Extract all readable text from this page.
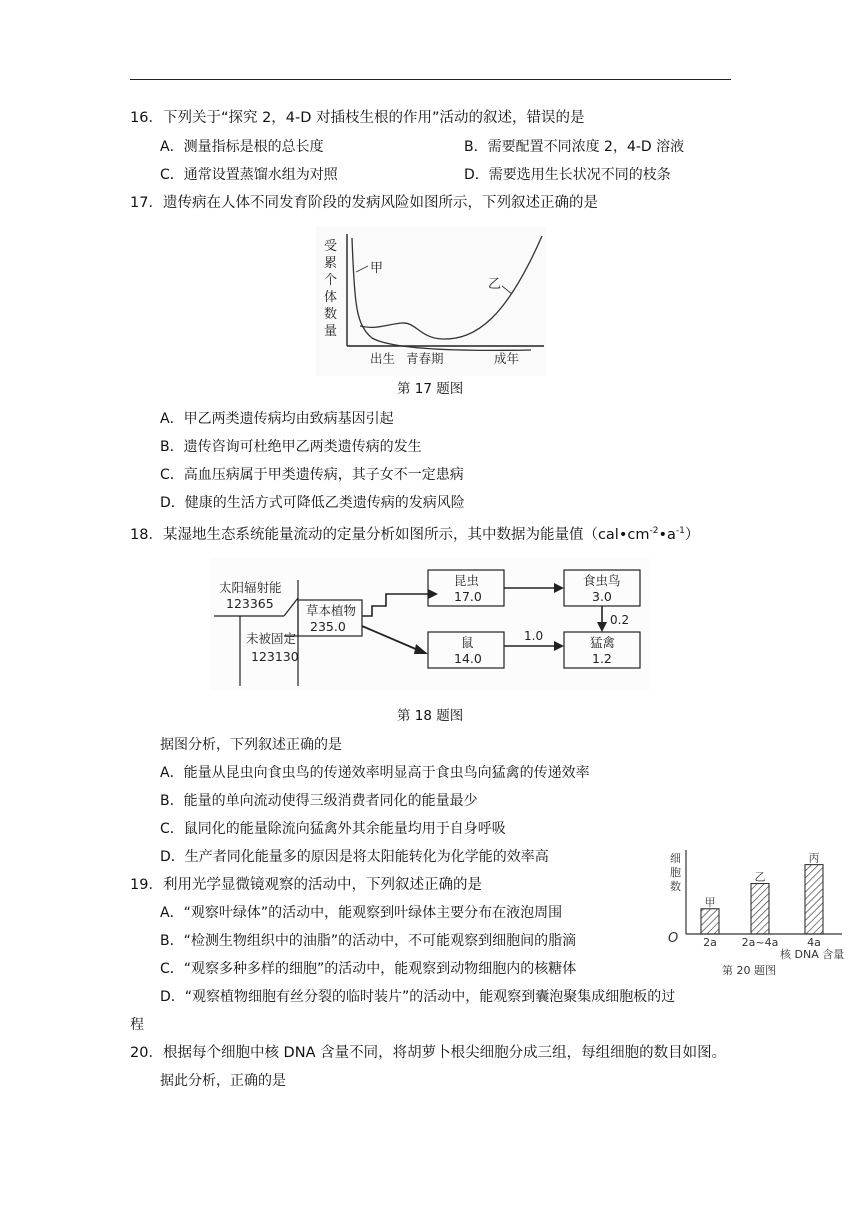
16．下列关于“探究 2，4-D 对插枝生根的作用”活动的叙述，错误的是
A．测量指标是根的总长度	B．需要配置不同浓度 2，4-D 溶液
C．通常设置蒸馏水组为对照	D．需要选用生长状况不同的枝条
17．遗传病在人体不同发育阶段的发病风险如图所示，下列叙述正确的是
受
累
个
体
数
量
甲
乙
出生 青春期	成年
第 17 题图
A．甲乙两类遗传病均由致病基因引起
B．遗传咨询可杜绝甲乙两类遗传病的发生
C．高血压病属于甲类遗传病，其子女不一定患病
D．健康的生活方式可降低乙类遗传病的发病风险
18．某湿地生态系统能量流动的定量分析如图所示，其中数据为能量值$(cal•cm^{-2}•a^{-1})$
太阳辐射能
123365
未被固定
123130
草本植物
235.0
昆虫
17.0
食虫鸟
3.0
0.2
鼠
14.0
1.0	猛禽
1.2
第 18 题图
据图分析，下列叙述正确的是
A．能量从昆虫向食虫鸟的传递效率明显高于食虫鸟向猛禽的传递效率
B．能量的单向流动使得三级消费者同化的能量最少
C．鼠同化的能量除流向猛禽外其余能量均用于自身呼吸
D．生产者同化能量多的原因是将太阳能转化为化学能的效率高
19．利用光学显微镜观察的活动中，下列叙述正确的是
A．“观察叶绿体”的活动中，能观察到叶绿体主要分布在液泡周围
B．“检测生物组织中的油脂”的活动中，不可能观察到细胞间的脂滴
C．“观察多种多样的细胞”的活动中，能观察到动物细胞内的核糖体
D．“观察植物细胞有丝分裂的临时装片”的活动中，能观察到囊泡聚集成细胞板的过
程
细
胞
数
O
甲
2a
乙
2a~4a
丙
4a
核 DNA 含量
第 20 题图
20．根据每个细胞中核 DNA 含量不同，将胡萝卜根尖细胞分成三组，每组细胞的数目如图。
据此分析，正确的是
